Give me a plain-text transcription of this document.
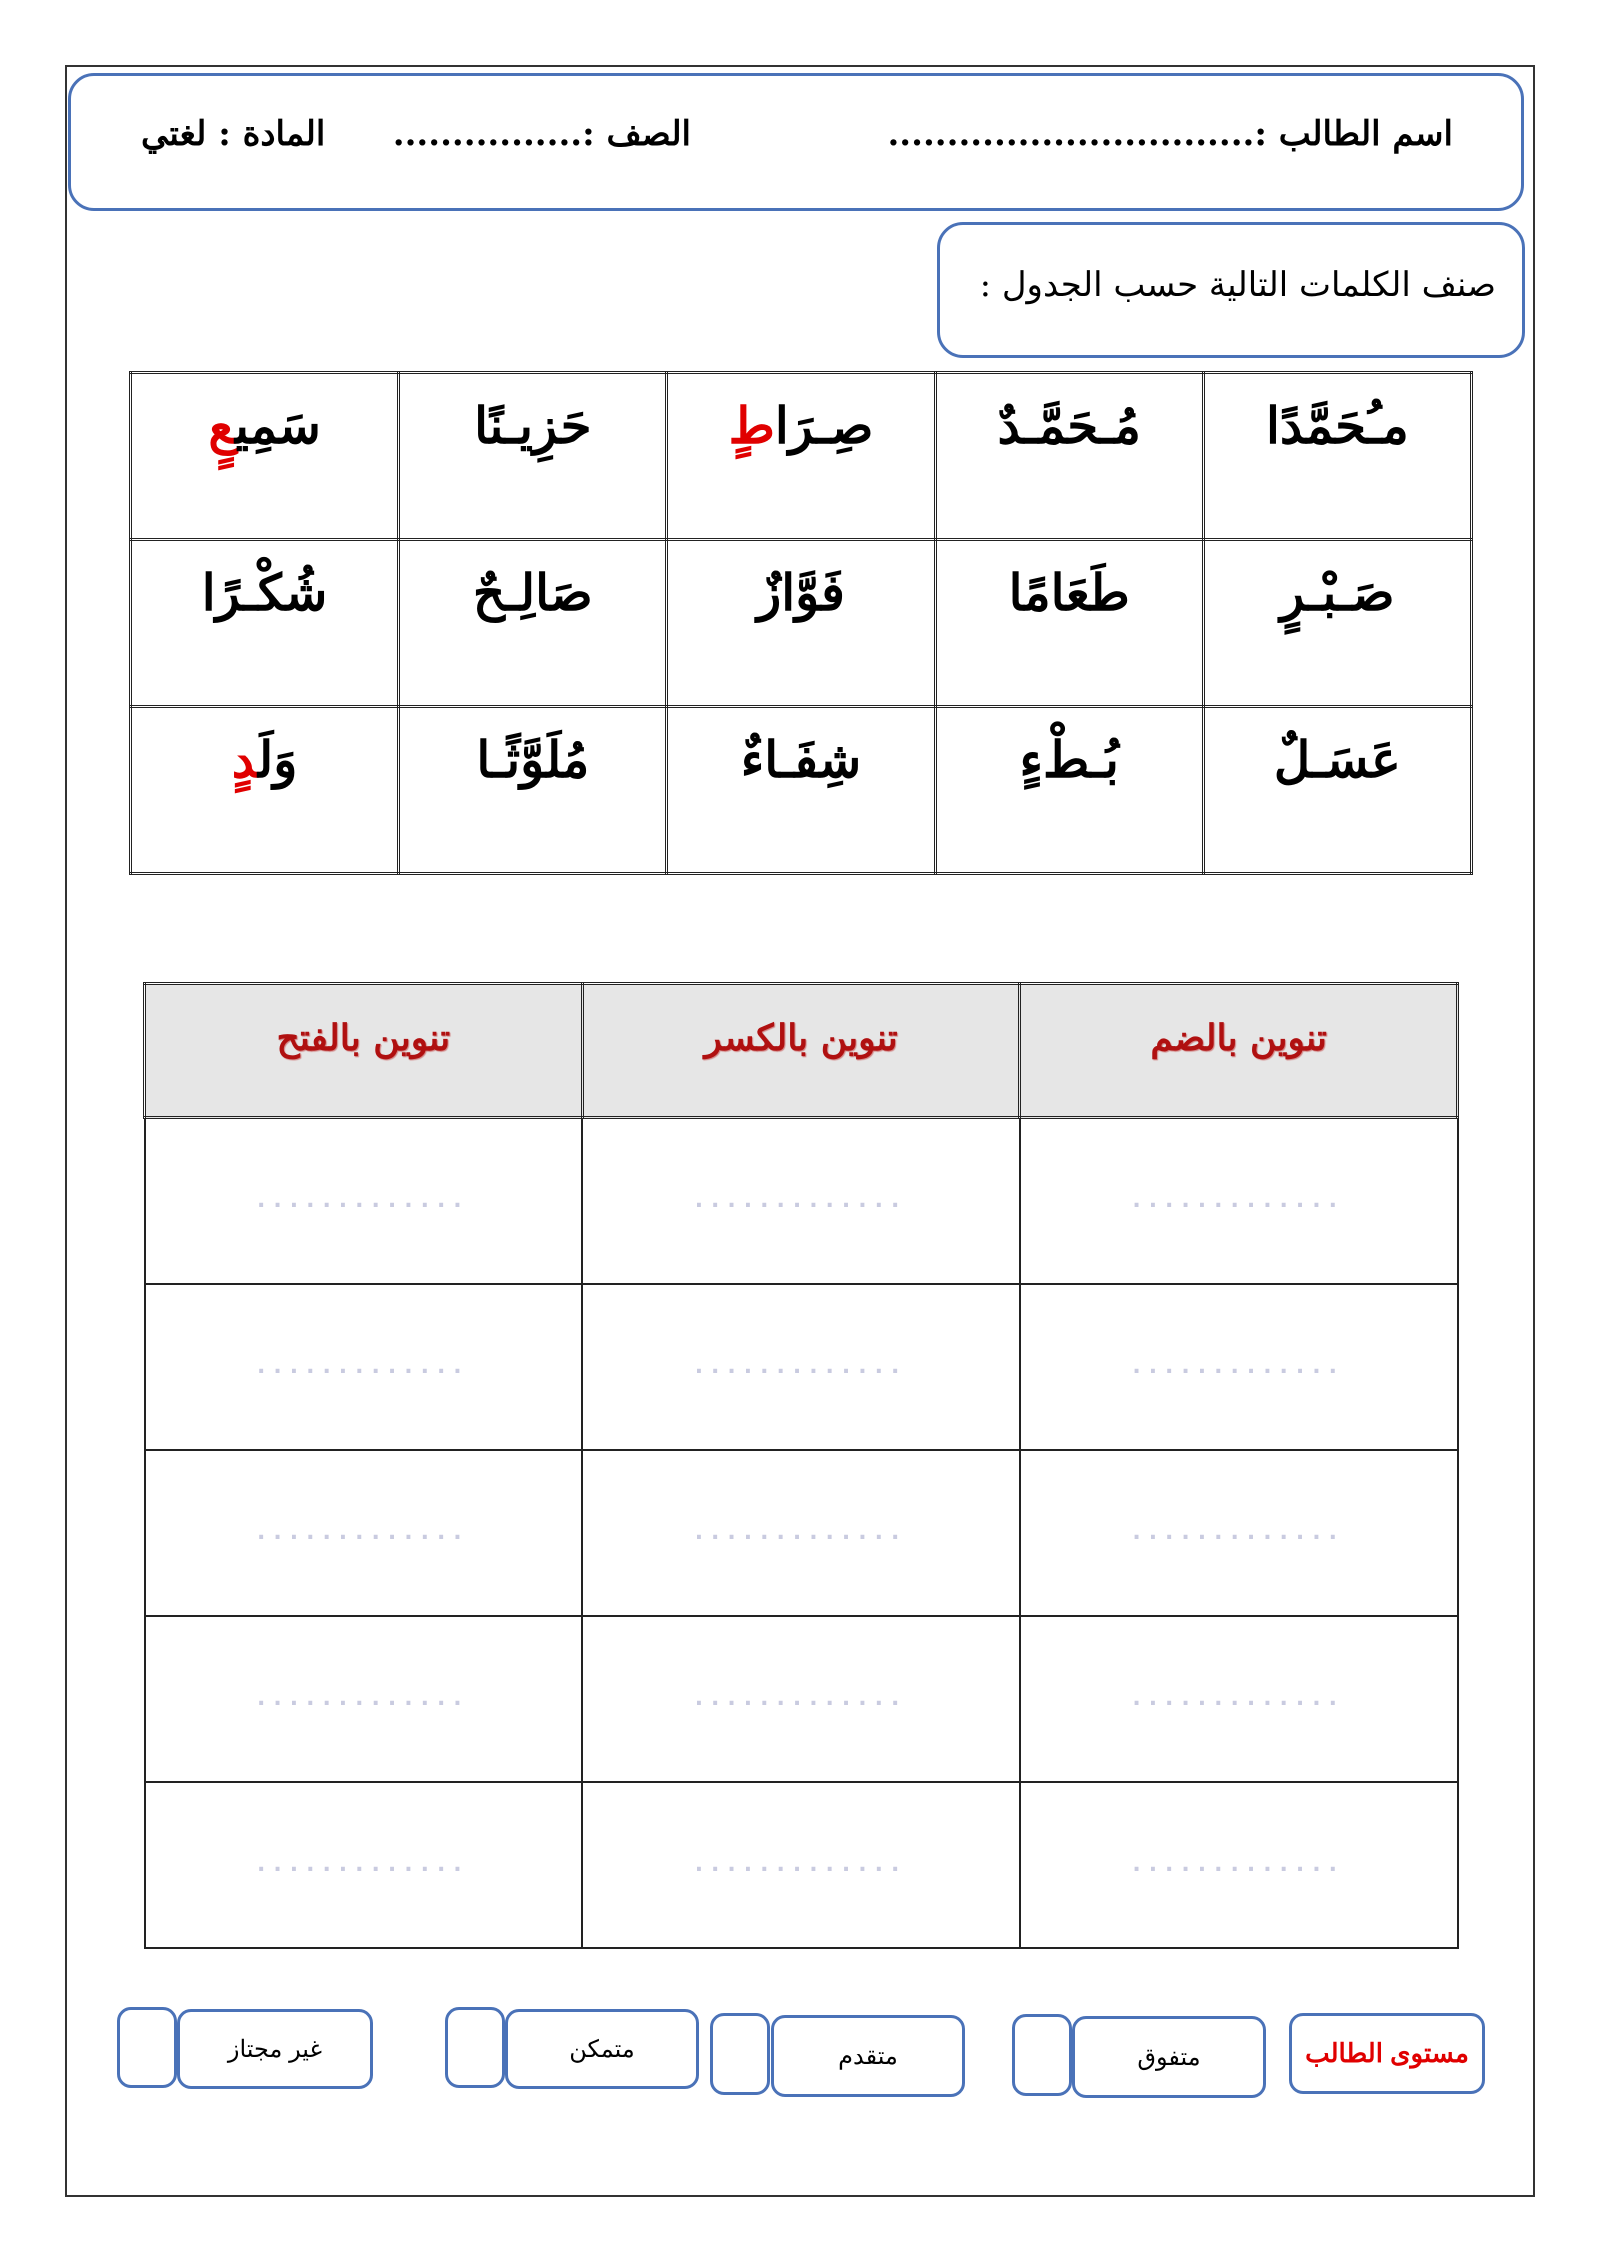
اسم الطالب :...............................
الصف :................
المادة : لغتي
صنف الكلمات التالية حسب الجدول :
مـُحَمَّدًا	مُـحَمَّـدٌ	صِـرَاطٍ	حَزِيـنًا	سَمِيعٍ
صَـبْـرٍ	طَعَامًا	فَوَّازٌ	صَالِـحٌ	شُكْـرًا
عَسَـلٌ	بُـطْءٍ	شِفَـاءٌ	مُلَوَّثًـا	وَلَدٍ
تنوين بالضم	تنوين بالكسر	تنوين بالفتح
.............	.............	.............
.............	.............	.............
.............	.............	.............
.............	.............	.............
.............	.............	.............
مستوى الطالب
متفوق
متقدم
متمكن
غير مجتاز
